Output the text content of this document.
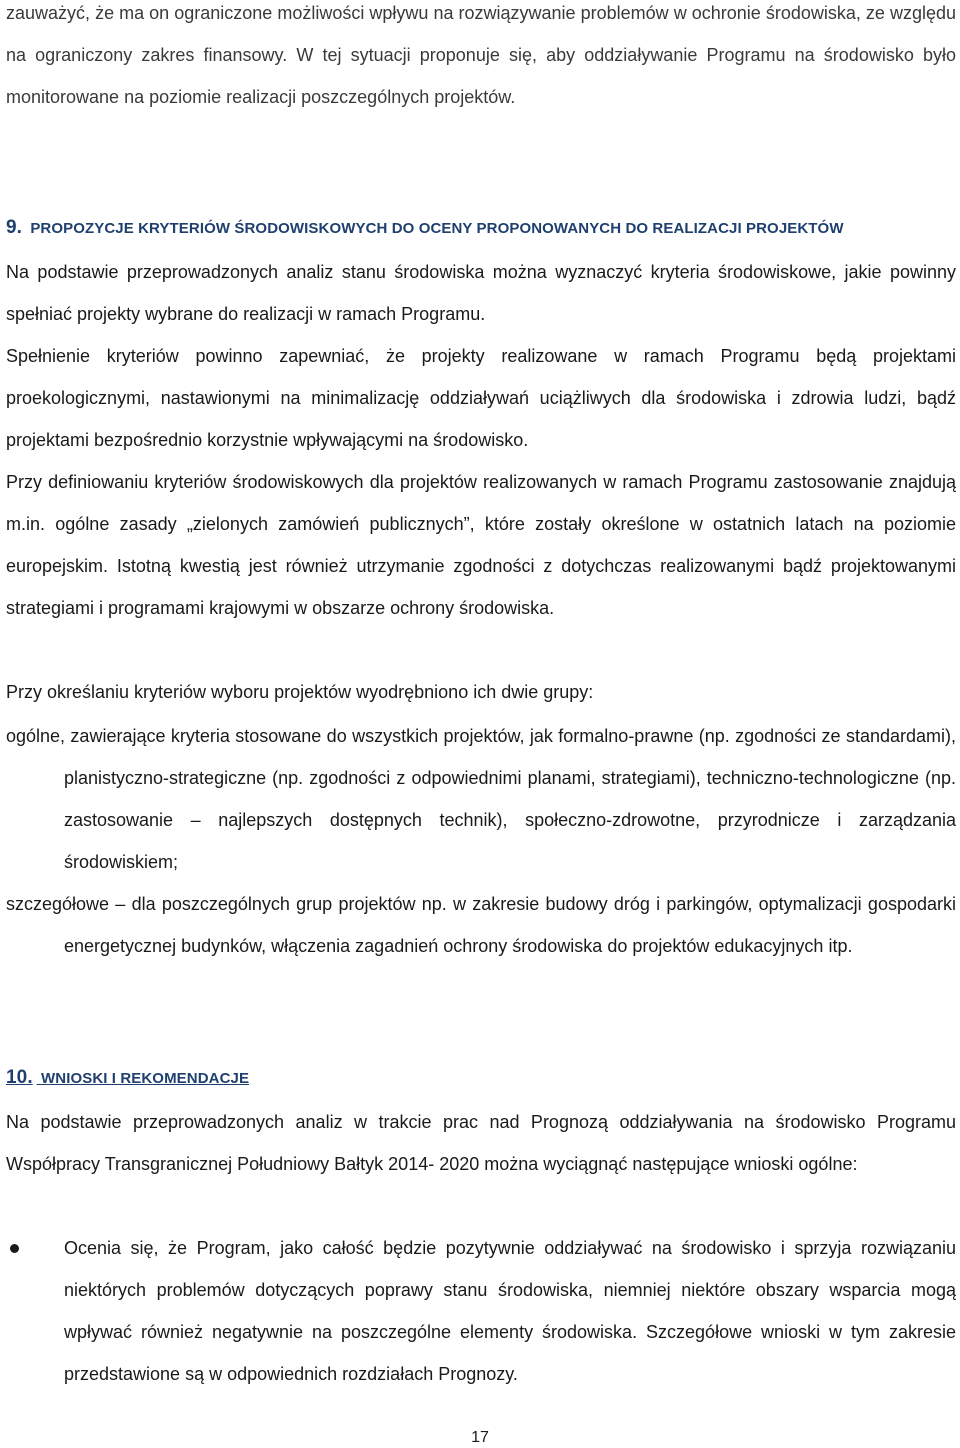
zauważyć, że ma on ograniczone możliwości wpływu na rozwiązywanie problemów w ochronie środowiska, ze względu na ograniczony zakres finansowy. W tej sytuacji proponuje się, aby oddziaływanie Programu na środowisko było monitorowane na poziomie realizacji poszczególnych projektów.

9. PROPOZYCJE KRYTERIÓW ŚRODOWISKOWYCH DO OCENY PROPONOWANYCH DO REALIZACJI PROJEKTÓW

Na podstawie przeprowadzonych analiz stanu środowiska można wyznaczyć kryteria środowiskowe, jakie powinny spełniać projekty wybrane do realizacji w ramach Programu.

Spełnienie kryteriów powinno zapewniać, że projekty realizowane w ramach Programu będą projektami proekologicznymi, nastawionymi na minimalizację oddziaływań uciążliwych dla środowiska i zdrowia ludzi, bądź projektami bezpośrednio korzystnie wpływającymi na środowisko.

Przy definiowaniu kryteriów środowiskowych dla projektów realizowanych w ramach Programu zastosowanie znajdują m.in. ogólne zasady „zielonych zamówień publicznych”, które zostały określone w ostatnich latach na poziomie europejskim. Istotną kwestią jest również utrzymanie zgodności z dotychczas realizowanymi bądź projektowanymi strategiami i programami krajowymi w obszarze ochrony środowiska.

Przy określaniu kryteriów wyboru projektów wyodrębniono ich dwie grupy:

ogólne, zawierające kryteria stosowane do wszystkich projektów, jak formalno-prawne (np. zgodności ze standardami), planistyczno-strategiczne (np. zgodności z odpowiednimi planami, strategiami), techniczno-technologiczne (np. zastosowanie – najlepszych dostępnych technik), społeczno-zdrowotne, przyrodnicze i zarządzania środowiskiem;
szczegółowe – dla poszczególnych grup projektów np. w zakresie budowy dróg i parkingów, optymalizacji gospodarki energetycznej budynków, włączenia zagadnień ochrony środowiska do projektów edukacyjnych itp.
10. WNIOSKI I REKOMENDACJE

Na podstawie przeprowadzonych analiz w trakcie prac nad Prognozą oddziaływania na środowisko Programu Współpracy Transgranicznej Południowy Bałtyk 2014- 2020 można wyciągnąć następujące wnioski ogólne:

Ocenia się, że Program, jako całość będzie pozytywnie oddziaływać na środowisko i sprzyja rozwiązaniu niektórych problemów dotyczących poprawy stanu środowiska, niemniej niektóre obszary wsparcia mogą wpływać również negatywnie na poszczególne elementy środowiska. Szczegółowe wnioski w tym zakresie przedstawione są w odpowiednich rozdziałach Prognozy.
17
